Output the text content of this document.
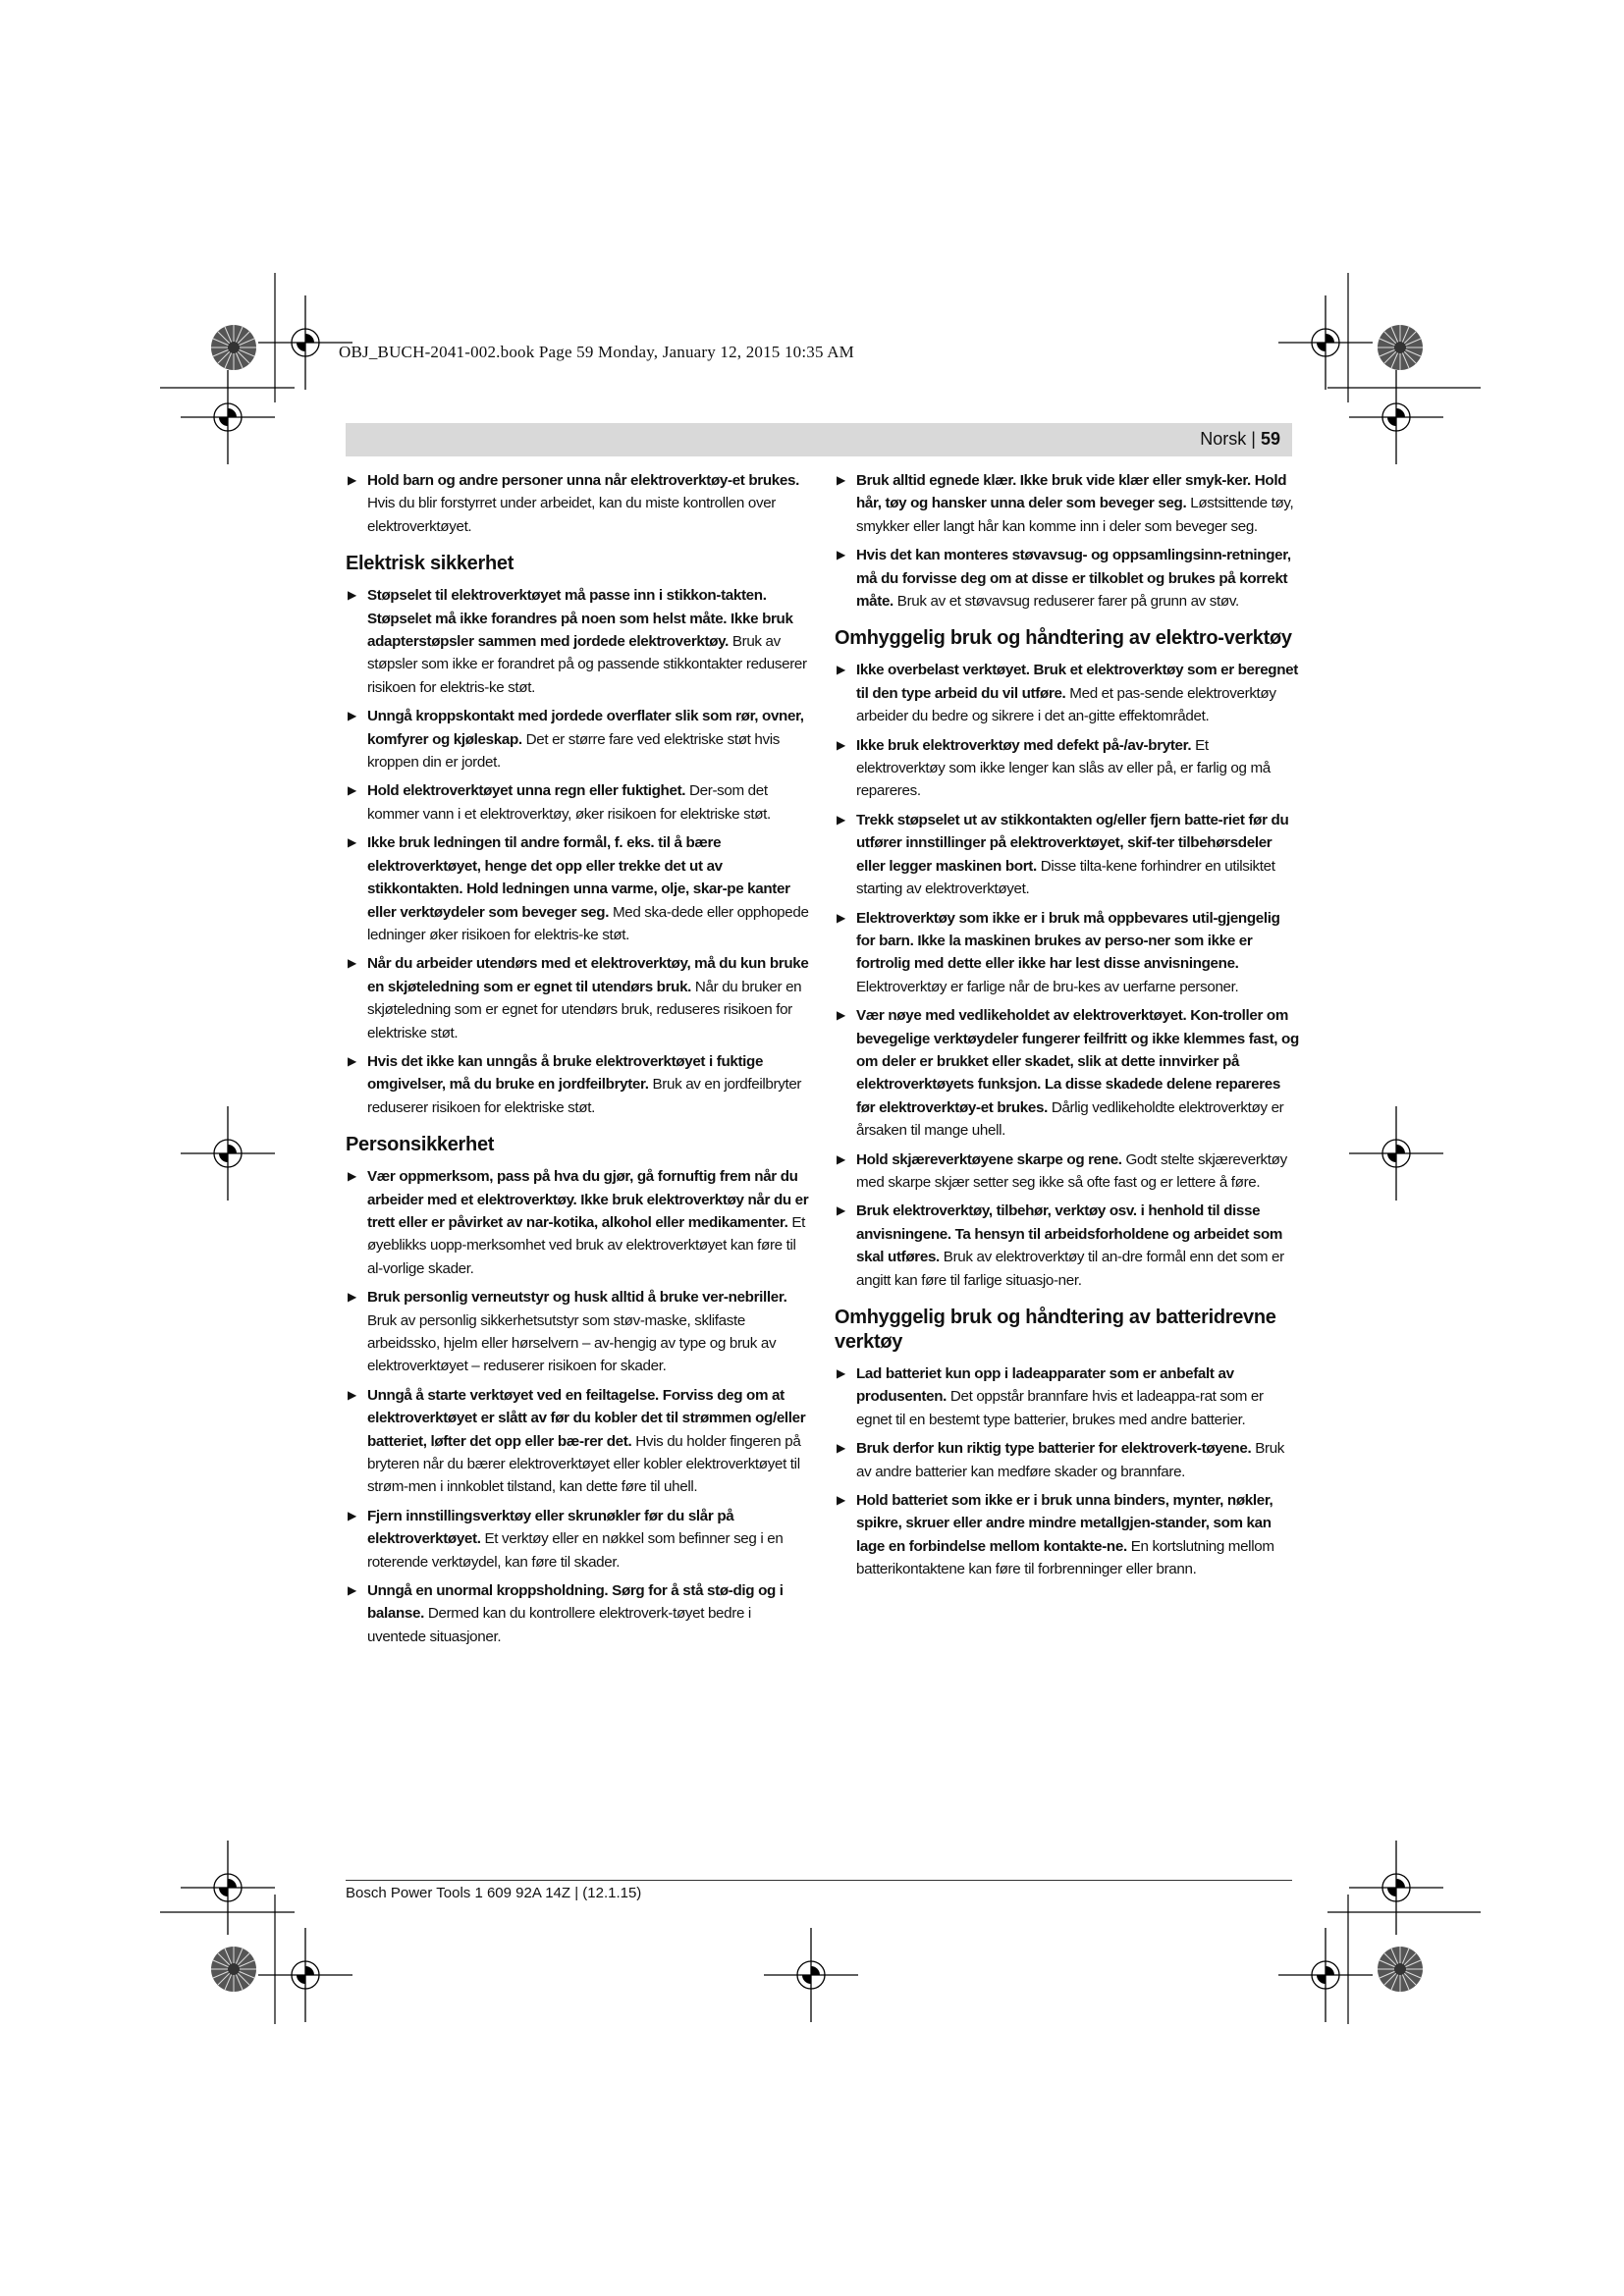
OBJ_BUCH-2041-002.book Page 59 Monday, January 12, 2015 10:35 AM
Norsk | 59
▶ Hold barn og andre personer unna når elektroverktøy-et brukes. Hvis du blir forstyrret under arbeidet, kan du miste kontrollen over elektroverktøyet.
Elektrisk sikkerhet
▶ Støpselet til elektroverktøyet må passe inn i stikkon-takten. Støpselet må ikke forandres på noen som helst måte. Ikke bruk adapterstøpsler sammen med jordede elektroverktøy. Bruk av støpsler som ikke er forandret på og passende stikkontakter reduserer risikoen for elektris-ke støt.
▶ Unngå kroppskontakt med jordede overflater slik som rør, ovner, komfyrer og kjøleskap. Det er større fare ved elektriske støt hvis kroppen din er jordet.
▶ Hold elektroverktøyet unna regn eller fuktighet. Der-som det kommer vann i et elektroverktøy, øker risikoen for elektriske støt.
▶ Ikke bruk ledningen til andre formål, f. eks. til å bære elektroverktøyet, henge det opp eller trekke det ut av stikkontakten. Hold ledningen unna varme, olje, skar-pe kanter eller verktøydeler som beveger seg. Med ska-dede eller opphopede ledninger øker risikoen for elektris-ke støt.
▶ Når du arbeider utendørs med et elektroverktøy, må du kun bruke en skjøteledning som er egnet til utendørs bruk. Når du bruker en skjøteledning som er egnet for utendørs bruk, reduseres risikoen for elektriske støt.
▶ Hvis det ikke kan unngås å bruke elektroverktøyet i fuktige omgivelser, må du bruke en jordfeilbryter. Bruk av en jordfeilbryter reduserer risikoen for elektriske støt.
Personsikkerhet
▶ Vær oppmerksom, pass på hva du gjør, gå fornuftig frem når du arbeider med et elektroverktøy. Ikke bruk elektroverktøy når du er trett eller er påvirket av nar-kotika, alkohol eller medikamenter. Et øyeblikks uopp-merksomhet ved bruk av elektroverktøyet kan føre til al-vorlige skader.
▶ Bruk personlig verneutstyr og husk alltid å bruke ver-nebriller. Bruk av personlig sikkerhetsutstyr som støv-maske, sklifaste arbeidssko, hjelm eller hørselvern – av-hengig av type og bruk av elektroverktøyet – reduserer risikoen for skader.
▶ Unngå å starte verktøyet ved en feiltagelse. Forviss deg om at elektroverktøyet er slått av før du kobler det til strømmen og/eller batteriet, løfter det opp eller bæ-rer det. Hvis du holder fingeren på bryteren når du bærer elektroverktøyet eller kobler elektroverktøyet til strøm-men i innkoblet tilstand, kan dette føre til uhell.
▶ Fjern innstillingsverktøy eller skrunøkler før du slår på elektroverktøyet. Et verktøy eller en nøkkel som befinner seg i en roterende verktøydel, kan føre til skader.
▶ Unngå en unormal kroppsholdning. Sørg for å stå stø-dig og i balanse. Dermed kan du kontrollere elektroverk-tøyet bedre i uventede situasjoner.
▶ Bruk alltid egnede klær. Ikke bruk vide klær eller smyk-ker. Hold hår, tøy og hansker unna deler som beveger seg. Løstsittende tøy, smykker eller langt hår kan komme inn i deler som beveger seg.
▶ Hvis det kan monteres støvavsug- og oppsamlingsinn-retninger, må du forvisse deg om at disse er tilkoblet og brukes på korrekt måte. Bruk av et støvavsug reduserer farer på grunn av støv.
Omhyggelig bruk og håndtering av elektro-verktøy
▶ Ikke overbelast verktøyet. Bruk et elektroverktøy som er beregnet til den type arbeid du vil utføre. Med et pas-sende elektroverktøy arbeider du bedre og sikrere i det an-gitte effektområdet.
▶ Ikke bruk elektroverktøy med defekt på-/av-bryter. Et elektroverktøy som ikke lenger kan slås av eller på, er farlig og må repareres.
▶ Trekk støpselet ut av stikkontakten og/eller fjern batte-riet før du utfører innstillinger på elektroverktøyet, skif-ter tilbehørsdeler eller legger maskinen bort. Disse tilta-kene forhindrer en utilsiktet starting av elektroverktøyet.
▶ Elektroverktøy som ikke er i bruk må oppbevares util-gjengelig for barn. Ikke la maskinen brukes av perso-ner som ikke er fortrolig med dette eller ikke har lest disse anvisningene. Elektroverktøy er farlige når de bru-kes av uerfarne personer.
▶ Vær nøye med vedlikeholdet av elektroverktøyet. Kon-troller om bevegelige verktøydeler fungerer feilfritt og ikke klemmes fast, og om deler er brukket eller skadet, slik at dette innvirker på elektroverktøyets funksjon. La disse skadede delene repareres før elektroverktøy-et brukes. Dårlig vedlikeholdte elektroverktøy er årsaken til mange uhell.
▶ Hold skjæreverktøyene skarpe og rene. Godt stelte skjæreverktøy med skarpe skjær setter seg ikke så ofte fast og er lettere å føre.
▶ Bruk elektroverktøy, tilbehør, verktøy osv. i henhold til disse anvisningene. Ta hensyn til arbeidsforholdene og arbeidet som skal utføres. Bruk av elektroverktøy til an-dre formål enn det som er angitt kan føre til farlige situasjo-ner.
Omhyggelig bruk og håndtering av batteridrevne verktøy
▶ Lad batteriet kun opp i ladeapparater som er anbefalt av produsenten. Det oppstår brannfare hvis et ladeappa-rat som er egnet til en bestemt type batterier, brukes med andre batterier.
▶ Bruk derfor kun riktig type batterier for elektroverk-tøyene. Bruk av andre batterier kan medføre skader og brannfare.
▶ Hold batteriet som ikke er i bruk unna binders, mynter, nøkler, spikre, skruer eller andre mindre metallgjen-stander, som kan lage en forbindelse mellom kontakte-ne. En kortslutning mellom batterikontaktene kan føre til forbrenninger eller brann.
Bosch Power Tools 1 609 92A 14Z | (12.1.15)
